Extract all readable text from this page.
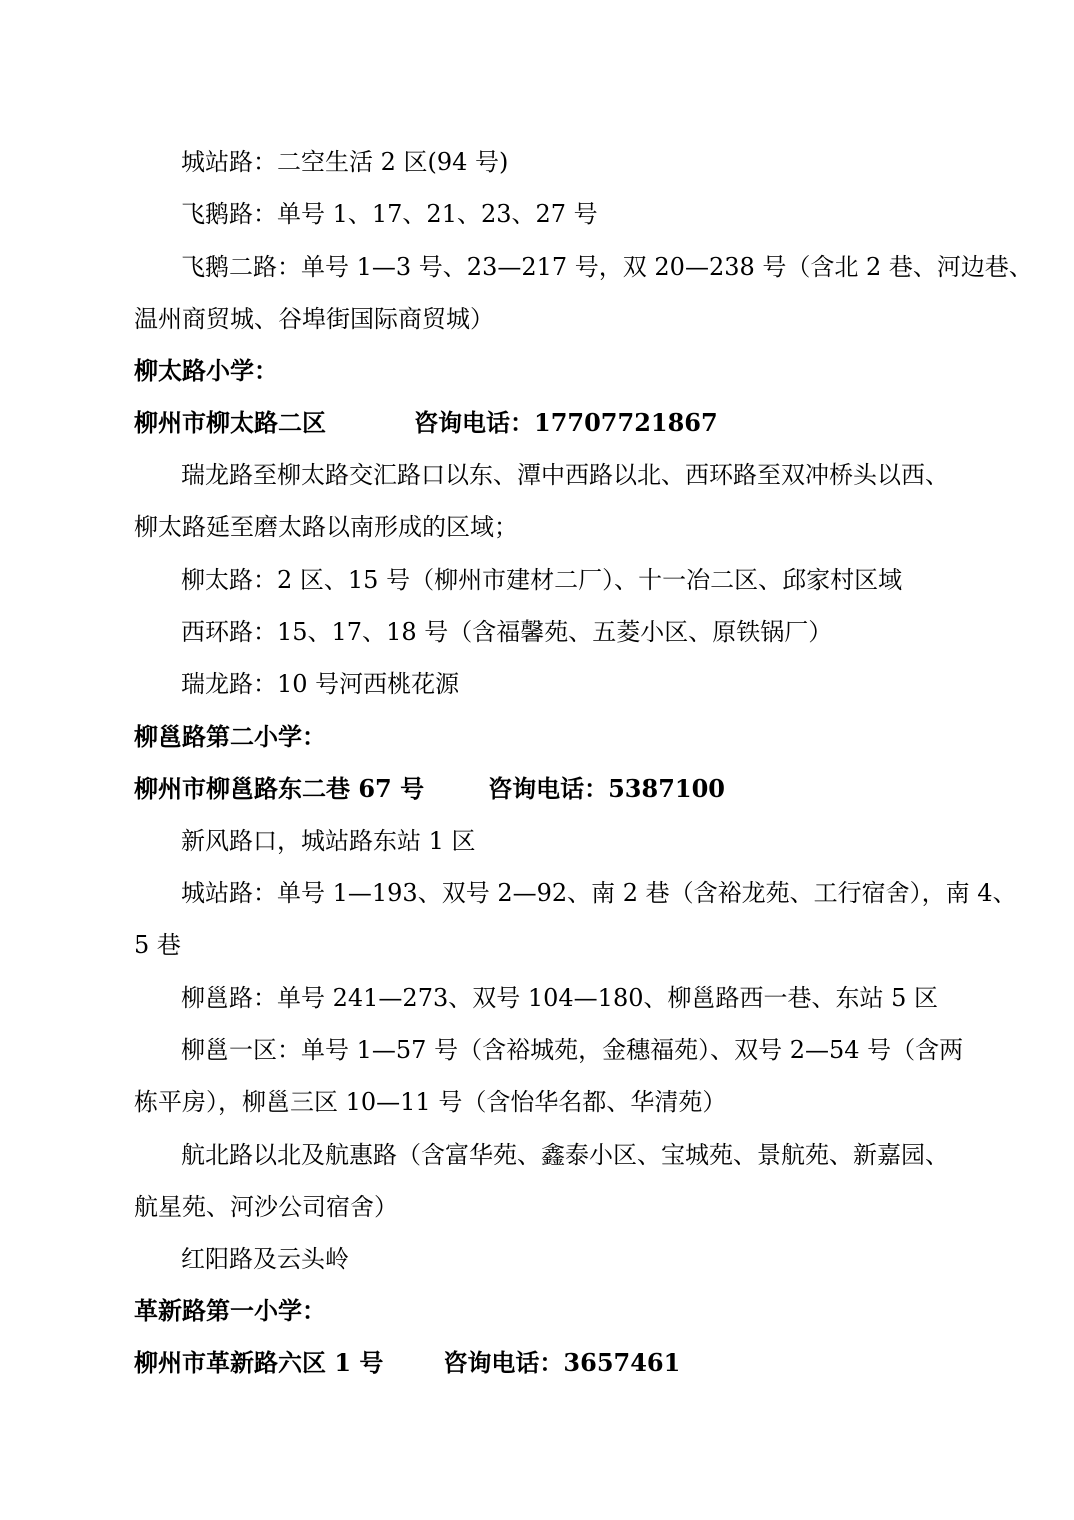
城站路：二空生活 2 区(94 号)
飞鹅路：单号 1、17、21、23、27 号
飞鹅二路：单号 1—3 号、23—217 号，双 20—238 号（含北 2 巷、河边巷、
温州商贸城、谷埠街国际商贸城）
柳太路小学：
柳州市柳太路二区	咨询电话：17707721867
瑞龙路至柳太路交汇路口以东、潭中西路以北、西环路至双冲桥头以西、
柳太路延至磨太路以南形成的区域；
柳太路：2 区、15 号（柳州市建材二厂）、十一冶二区、邱家村区域
西环路：15、17、18 号（含福馨苑、五菱小区、原铁锅厂）
瑞龙路：10 号河西桃花源
柳邕路第二小学：
柳州市柳邕路东二巷 67 号	咨询电话：5387100
新风路口，城站路东站 1 区
城站路：单号 1—193、双号 2—92、南 2 巷（含裕龙苑、工行宿舍），南 4、
5 巷
柳邕路：单号 241—273、双号 104—180、柳邕路西一巷、东站 5 区
柳邕一区：单号 1—57 号（含裕城苑，金穗福苑）、双号 2—54 号（含两
栋平房），柳邕三区 10—11 号（含怡华名都、华清苑）
航北路以北及航惠路（含富华苑、鑫泰小区、宝城苑、景航苑、新嘉园、
航星苑、河沙公司宿舍）
红阳路及云头岭
革新路第一小学：
柳州市革新路六区 1 号	咨询电话：3657461
